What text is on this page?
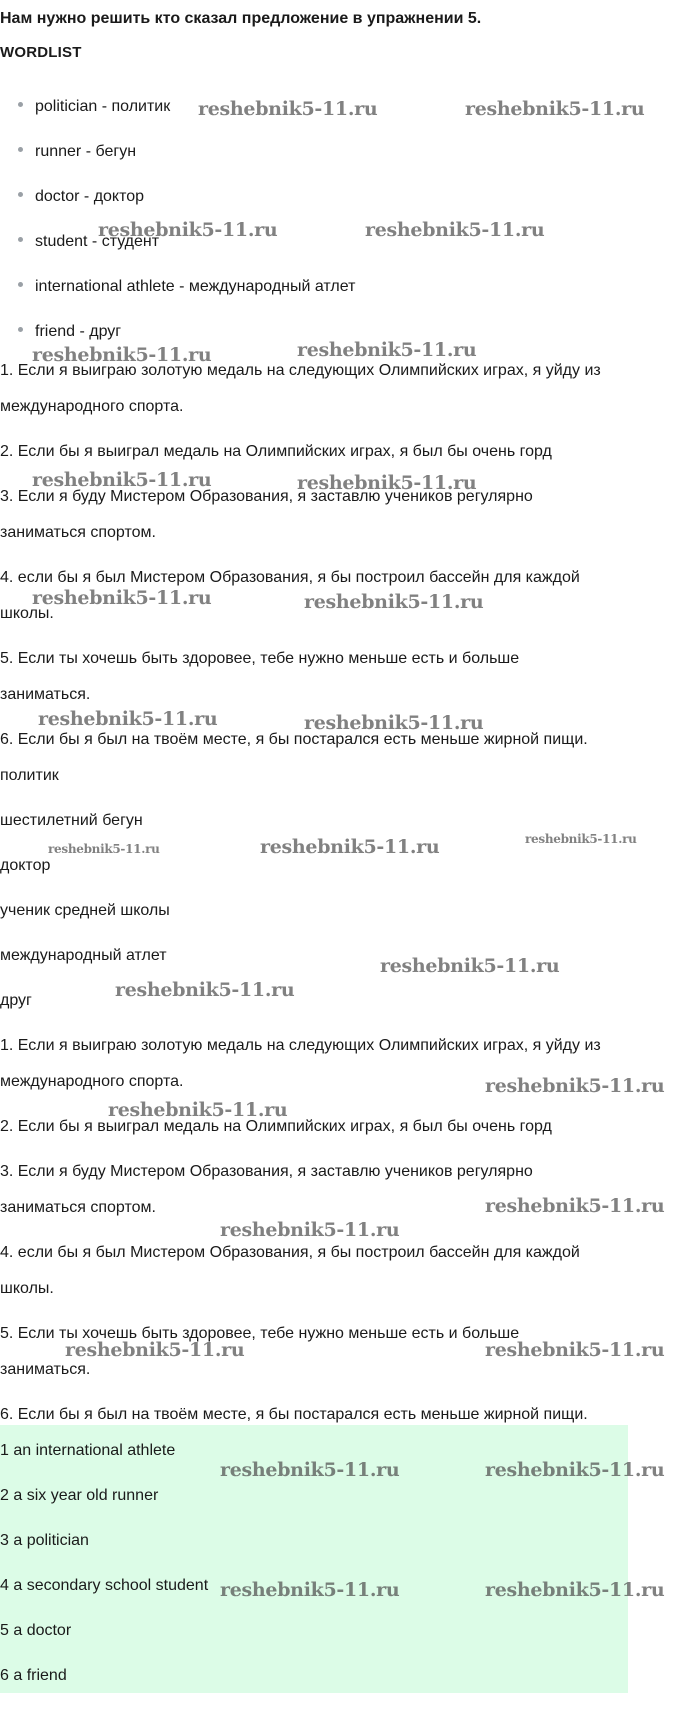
Нам нужно решить кто сказал предложение в упражнении 5.

WORDLIST

politician - политик
runner - бегун
doctor - доктор
student - студент
international athlete - международный атлет
friend - друг

1. Если я выиграю золотую медаль на следующих Олимпийских играх, я уйду из

международного спорта.

2. Если бы я выиграл медаль на Олимпийских играх, я был бы очень горд

3. Если я буду Мистером Образования, я заставлю учеников регулярно

заниматься спортом.

4. если бы я был Мистером Образования, я бы построил бассейн для каждой

школы.

5. Если ты хочешь быть здоровее, тебе нужно меньше есть и больше

заниматься.

6. Если бы я был на твоём месте, я бы постарался есть меньше жирной пищи.

политик

шестилетний бегун

доктор

ученик средней школы

международный атлет

друг

1. Если я выиграю золотую медаль на следующих Олимпийских играх, я уйду из

международного спорта.

2. Если бы я выиграл медаль на Олимпийских играх, я был бы очень горд

3. Если я буду Мистером Образования, я заставлю учеников регулярно

заниматься спортом.

4. если бы я был Мистером Образования, я бы построил бассейн для каждой

школы.

5. Если ты хочешь быть здоровее, тебе нужно меньше есть и больше

заниматься.

6. Если бы я был на твоём месте, я бы постарался есть меньше жирной пищи.

1 an international athlete

2 a six year old runner

3 a politician

4 a secondary school student

5 a doctor

6 a friend

reshebnik5-11.ru	reshebnik5-11.ru
reshebnik5-11.ru	reshebnik5-11.ru
reshebnik5-11.ru	reshebnik5-11.ru
reshebnik5-11.ru	reshebnik5-11.ru
reshebnik5-11.ru	reshebnik5-11.ru
reshebnik5-11.ru	reshebnik5-11.ru
reshebnik5-11.ru	reshebnik5-11.ru	reshebnik5-11.ru
reshebnik5-11.ru
reshebnik5-11.ru
reshebnik5-11.ru
reshebnik5-11.ru
reshebnik5-11.ru
reshebnik5-11.ru
reshebnik5-11.ru	reshebnik5-11.ru
reshebnik5-11.ru	reshebnik5-11.ru
reshebnik5-11.ru	reshebnik5-11.ru
